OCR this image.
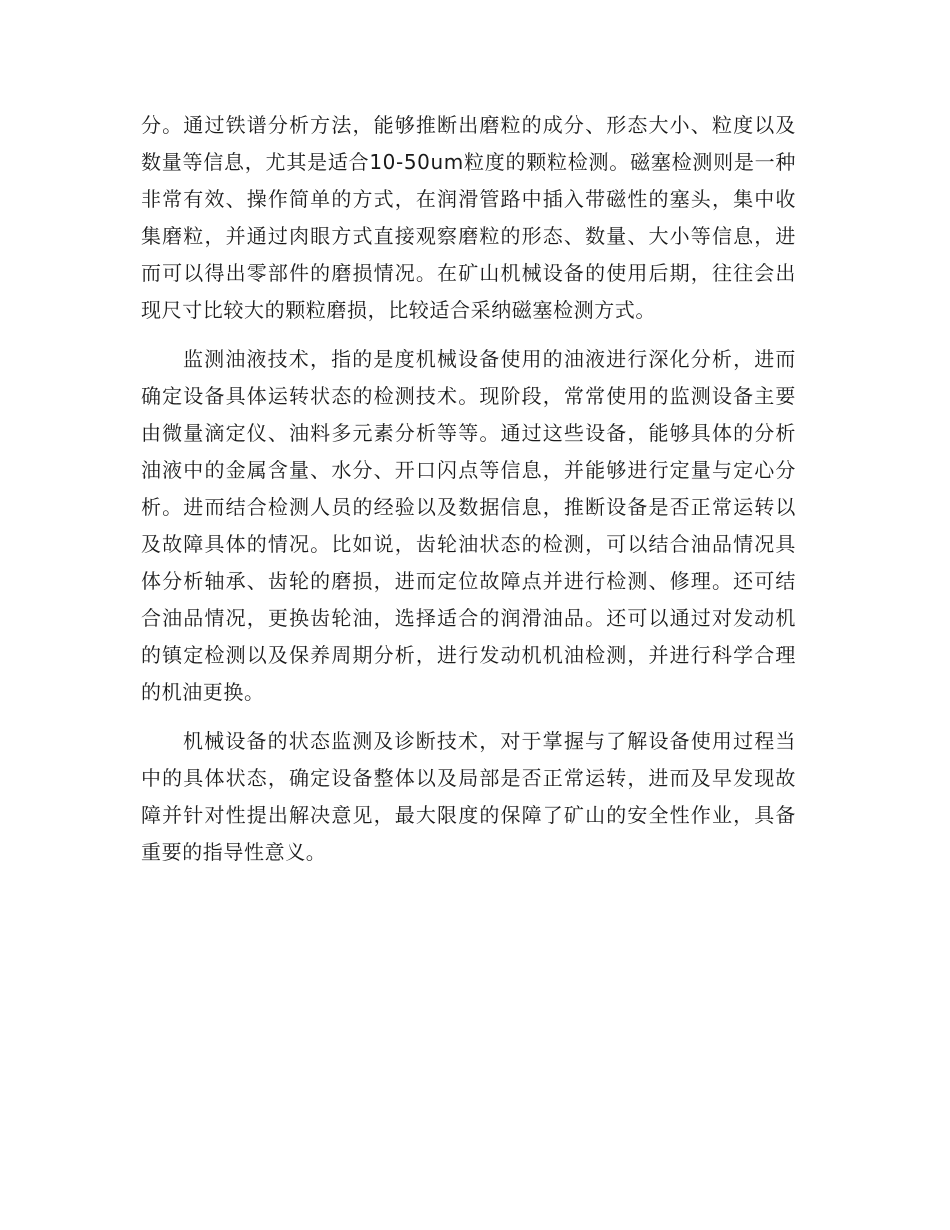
分。通过铁谱分析方法，能够推断出磨粒的成分、形态大小、粒度以及数量等信息，尤其是适合10-50um粒度的颗粒检测。磁塞检测则是一种非常有效、操作简单的方式，在润滑管路中插入带磁性的塞头，集中收集磨粒，并通过肉眼方式直接观察磨粒的形态、数量、大小等信息，进而可以得出零部件的磨损情况。在矿山机械设备的使用后期，往往会出现尺寸比较大的颗粒磨损，比较适合采纳磁塞检测方式。

监测油液技术，指的是度机械设备使用的油液进行深化分析，进而确定设备具体运转状态的检测技术。现阶段，常常使用的监测设备主要由微量滴定仪、油料多元素分析等等。通过这些设备，能够具体的分析油液中的金属含量、水分、开口闪点等信息，并能够进行定量与定心分析。进而结合检测人员的经验以及数据信息，推断设备是否正常运转以及故障具体的情况。比如说，齿轮油状态的检测，可以结合油品情况具体分析轴承、齿轮的磨损，进而定位故障点并进行检测、修理。还可结合油品情况，更换齿轮油，选择适合的润滑油品。还可以通过对发动机的镇定检测以及保养周期分析，进行发动机机油检测，并进行科学合理的机油更换。

机械设备的状态监测及诊断技术，对于掌握与了解设备使用过程当中的具体状态，确定设备整体以及局部是否正常运转，进而及早发现故障并针对性提出解决意见，最大限度的保障了矿山的安全性作业，具备重要的指导性意义。
